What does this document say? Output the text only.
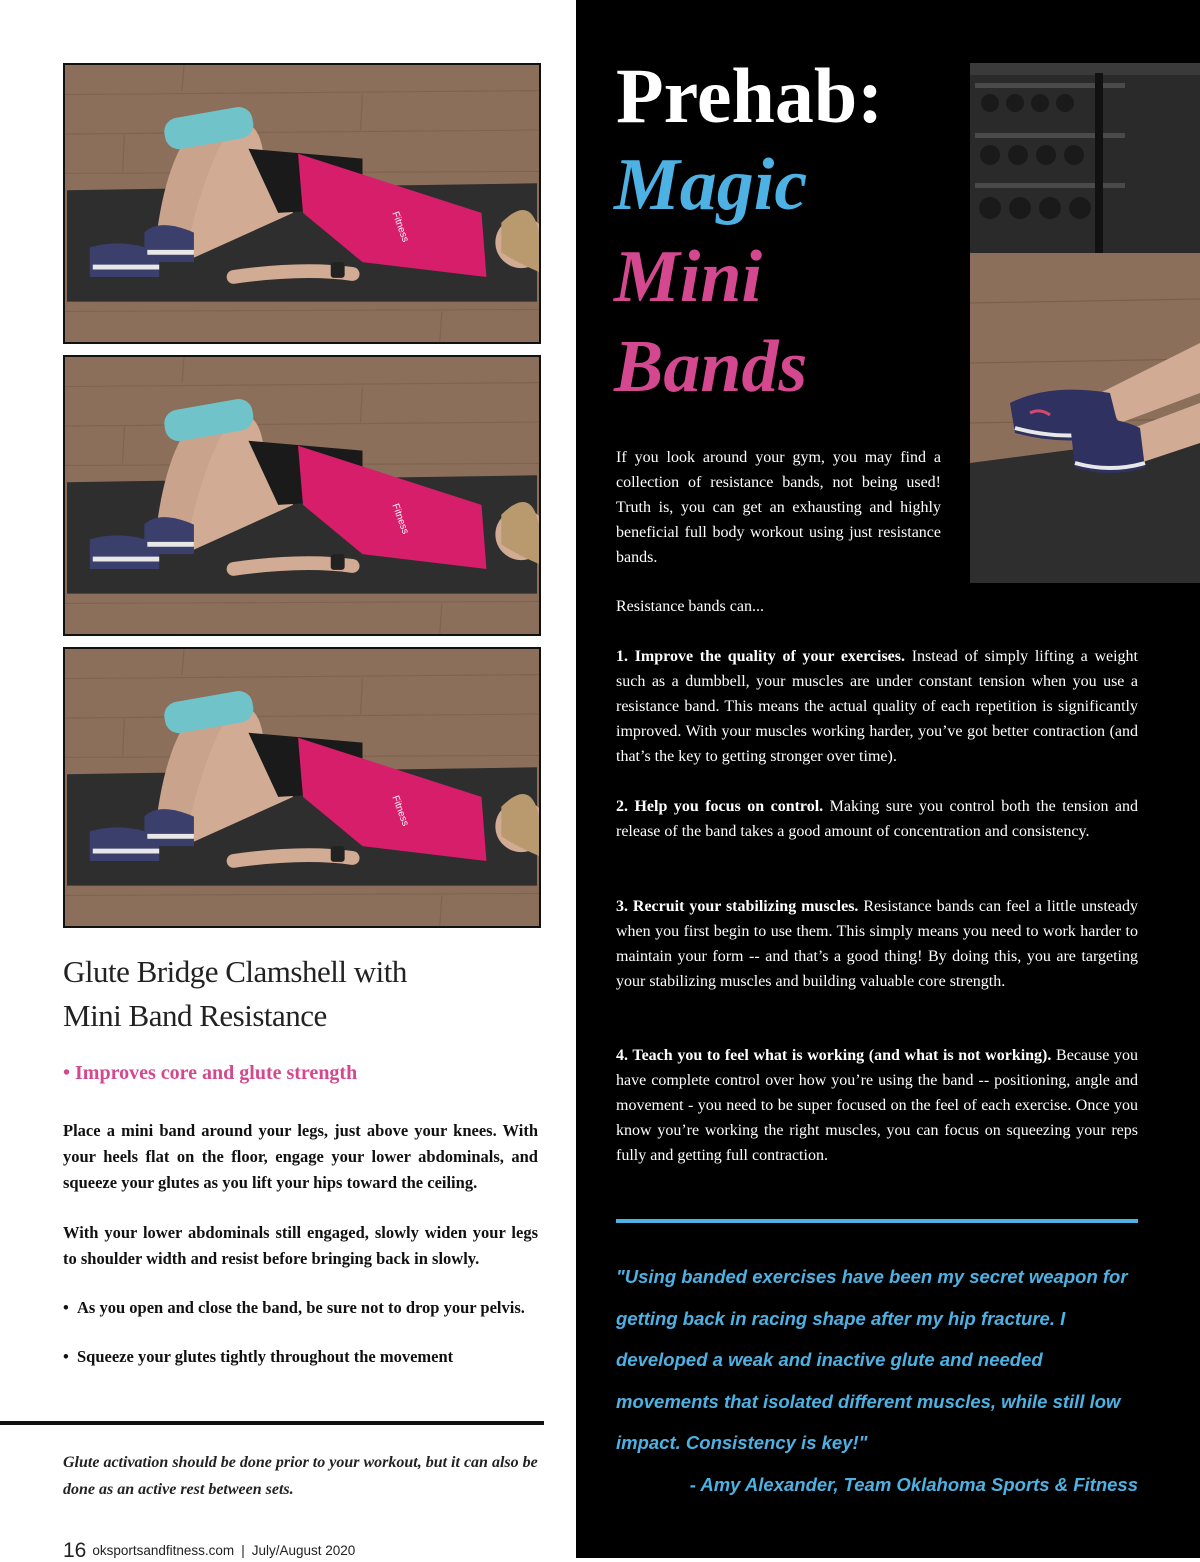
Glute Bridge Clamshell with
Mini Band Resistance
• Improves core and glute strength

Place a mini band around your legs, just above your knees. With your heels flat on the floor, engage your lower abdominals, and squeeze your glutes as you lift your hips toward the ceiling.

With your lower abdominals still engaged, slowly widen your legs to shoulder width and resist before bringing back in slowly.

• As you open and close the band, be sure not to drop your pelvis.
• Squeeze your glutes tightly throughout the movement

Glute activation should be done prior to your workout, but it can also be done as an active rest between sets.

16 oksportsandfitness.com | July/August 2020
Prehab:
Magic
Mini
Bands

If you look around your gym, you may find a collection of resistance bands, not being used! Truth is, you can get an exhausting and highly beneficial full body workout using just resistance bands.

Resistance bands can...

1. Improve the quality of your exercises. Instead of simply lifting a weight such as a dumbbell, your muscles are under constant tension when you use a resistance band. This means the actual quality of each repetition is significantly improved. With your muscles working harder, you’ve got better contraction (and that’s the key to getting stronger over time).

2. Help you focus on control. Making sure you control both the tension and release of the band takes a good amount of concentration and consistency.

3. Recruit your stabilizing muscles. Resistance bands can feel a little unsteady when you first begin to use them. This simply means you need to work harder to maintain your form -- and that’s a good thing! By doing this, you are targeting your stabilizing muscles and building valuable core strength.

4. Teach you to feel what is working (and what is not working). Because you have complete control over how you’re using the band -- positioning, angle and movement - you need to be super focused on the feel of each exercise. Once you know you’re working the right muscles, you can focus on squeezing your reps fully and getting full contraction.

"Using banded exercises have been my secret weapon for getting back in racing shape after my hip fracture. I developed a weak and inactive glute and needed movements that isolated different muscles, while still low impact. Consistency is key!"

- Amy Alexander, Team Oklahoma Sports & Fitness
